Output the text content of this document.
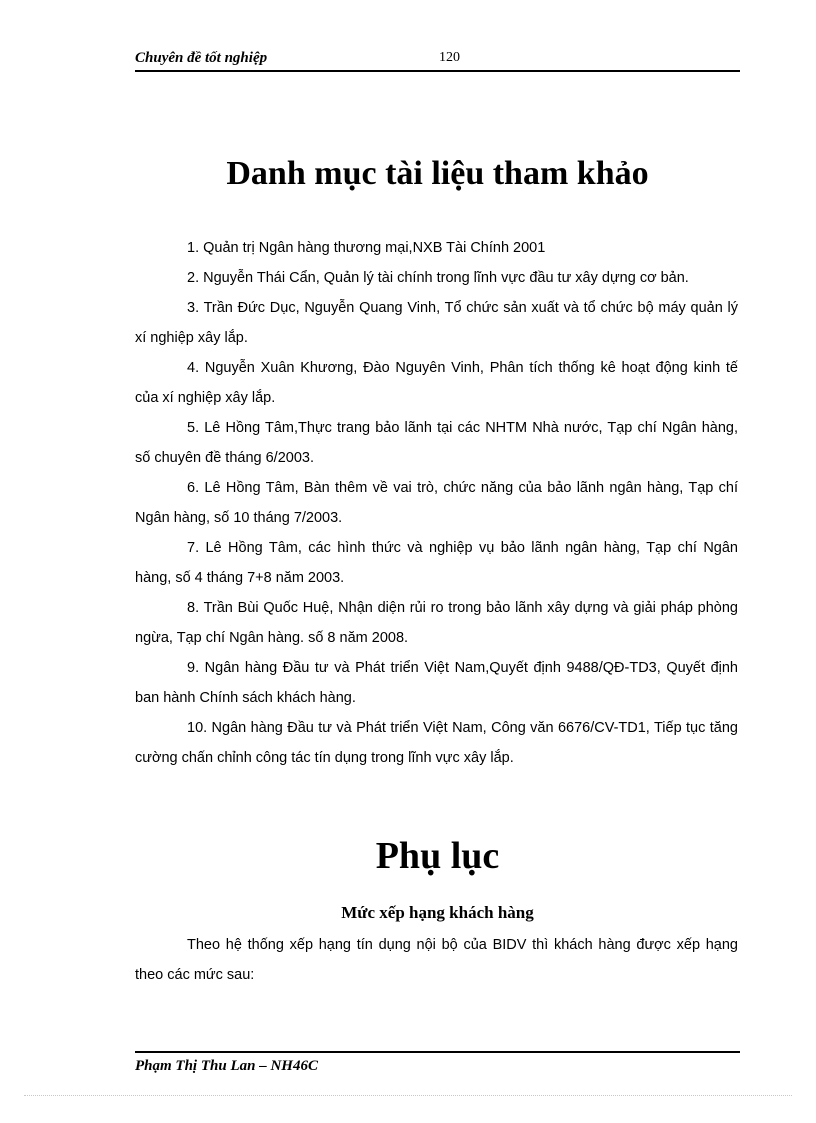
Chuyên đề tốt nghiệp	120
Danh mục tài liệu tham khảo
1. Quản trị Ngân hàng thương mại,NXB Tài Chính 2001
2. Nguyễn Thái Cẩn, Quản lý tài chính trong lĩnh vực đầu tư xây dựng cơ bản.
3. Trần Đức Dục, Nguyễn Quang Vinh, Tổ chức sản xuất và tổ chức bộ máy quản lý xí nghiệp xây lắp.
4. Nguyễn Xuân Khương, Đào Nguyên Vinh, Phân tích thống kê hoạt động kinh tế của xí nghiệp xây lắp.
5. Lê Hồng Tâm,Thực trang bảo lãnh tại các NHTM Nhà nước, Tạp chí Ngân hàng, số chuyên đề tháng 6/2003.
6. Lê Hồng Tâm, Bàn thêm về vai trò, chức năng của bảo lãnh ngân hàng, Tạp chí Ngân hàng, số 10 tháng 7/2003.
7. Lê Hồng Tâm, các hình thức và nghiệp vụ bảo lãnh ngân hàng, Tạp chí Ngân hàng, số 4 tháng 7+8 năm 2003.
8. Trần Bùi Quốc Huệ, Nhận diện rủi ro trong bảo lãnh xây dựng và giải pháp phòng ngừa, Tạp chí Ngân hàng. số 8 năm 2008.
9. Ngân hàng Đầu tư và Phát triển Việt Nam,Quyết định 9488/QĐ-TD3, Quyết định ban hành Chính sách khách hàng.
10. Ngân hàng Đầu tư và Phát triển Việt Nam, Công văn 6676/CV-TD1, Tiếp tục tăng cường chấn chỉnh công tác tín dụng trong lĩnh vực xây lắp.
Phụ lục
Mức xếp hạng khách hàng

Theo hệ thống xếp hạng tín dụng nội bộ của BIDV thì khách hàng được xếp hạng theo các mức sau:

Phạm Thị Thu Lan – NH46C
